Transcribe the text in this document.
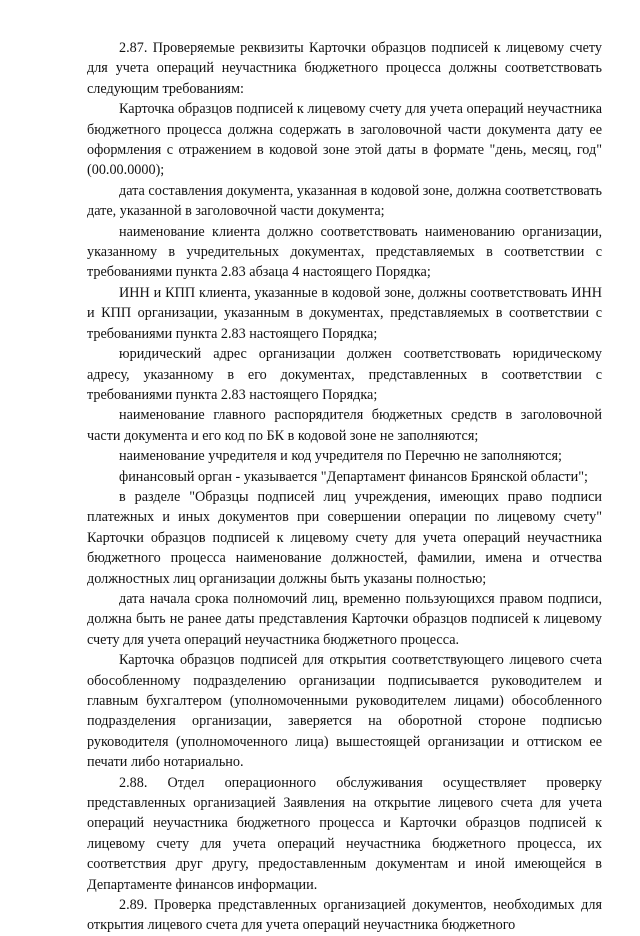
2.87. Проверяемые реквизиты Карточки образцов подписей к лицевому счету для учета операций неучастника бюджетного процесса должны соответствовать следующим требованиям:

Карточка образцов подписей к лицевому счету для учета операций неучастника бюджетного процесса должна содержать в заголовочной части документа дату ее оформления с отражением в кодовой зоне этой даты в формате "день, месяц, год" (00.00.0000);

дата составления документа, указанная в кодовой зоне, должна соответствовать дате, указанной в заголовочной части документа;

наименование клиента должно соответствовать наименованию организации, указанному в учредительных документах, представляемых в соответствии с требованиями пункта 2.83 абзаца 4 настоящего Порядка;

ИНН и КПП клиента, указанные в кодовой зоне, должны соответствовать ИНН и КПП организации, указанным в документах, представляемых в соответствии с требованиями пункта 2.83 настоящего Порядка;

юридический адрес организации должен соответствовать юридическому адресу, указанному в его документах, представленных в соответствии с требованиями пункта 2.83 настоящего Порядка;

наименование главного распорядителя бюджетных средств в заголовочной части документа и его код по БК в кодовой зоне не заполняются;

наименование учредителя и код учредителя по Перечню не заполняются;

финансовый орган - указывается "Департамент финансов Брянской области";

в разделе "Образцы подписей лиц учреждения, имеющих право подписи платежных и иных документов при совершении операции по лицевому счету" Карточки образцов подписей к лицевому счету для учета операций неучастника бюджетного процесса наименование должностей, фамилии, имена и отчества должностных лиц организации должны быть указаны полностью;

дата начала срока полномочий лиц, временно пользующихся правом подписи, должна быть не ранее даты представления Карточки образцов подписей к лицевому счету для учета операций неучастника бюджетного процесса.

Карточка образцов подписей для открытия соответствующего лицевого счета обособленному подразделению организации подписывается руководителем и главным бухгалтером (уполномоченными руководителем лицами) обособленного подразделения организации, заверяется на оборотной стороне подписью руководителя (уполномоченного лица) вышестоящей организации и оттиском ее печати либо нотариально.

2.88. Отдел операционного обслуживания осуществляет проверку представленных организацией Заявления на открытие лицевого счета для учета операций неучастника бюджетного процесса и Карточки образцов подписей к лицевому счету для учета операций неучастника бюджетного процесса, их соответствия друг другу, предоставленным документам и иной имеющейся в Департаменте финансов информации.

2.89. Проверка представленных организацией документов, необходимых для открытия лицевого счета для учета операций неучастника бюджетного
